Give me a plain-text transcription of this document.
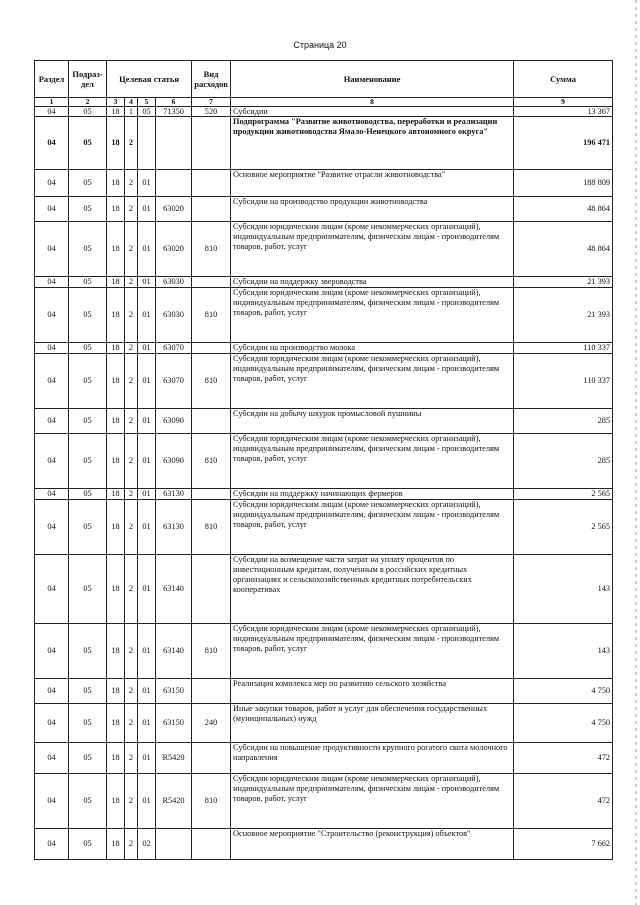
Страница 20
Раздел	Подраз-
дел	Целевая статья				Вид расходов	Наименование	Сумма
1	2	3	4	5	6	7	8	9
04	05	18	1	05	71350	520	Субсидии	13 367
04	05	18	2				Подпрограмма "Развитие животноводства, переработки и реализации продукции животноводства Ямало-Ненецкого автономного округа"	196 471
04	05	18	2	01			Основное мероприятие "Развитие отрасли животноводства"	188 809
04	05	18	2	01	63020		Субсидии на производство продукции животноводства	48 864
04	05	18	2	01	63020	810	Субсидии юридическим лицам (кроме некоммерческих организаций), индивидуальным предпринимателям, физическим лицам - производителям товаров, работ, услуг	48 864
04	05	18	2	01	63030		Субсидии на поддержку звероводства	21 393
04	05	18	2	01	63030	810	Субсидии юридическим лицам (кроме некоммерческих организаций), индивидуальным предпринимателям, физическим лицам - производителям товаров, работ, услуг	21 393
04	05	18	2	01	63070		Субсидии на производство молока	110 337
04	05	18	2	01	63070	810	Субсидии юридическим лицам (кроме некоммерческих организаций), индивидуальным предпринимателям, физическим лицам - производителям товаров, работ, услуг	110 337
04	05	18	2	01	63090		Субсидии на добычу шкурок промысловой пушнины	285
04	05	18	2	01	63090	810	Субсидии юридическим лицам (кроме некоммерческих организаций), индивидуальным предпринимателям, физическим лицам - производителям товаров, работ, услуг	285
04	05	18	2	01	63130		Субсидии на поддержку начинающих фермеров	2 565
04	05	18	2	01	63130	810	Субсидии юридическим лицам (кроме некоммерческих организаций), индивидуальным предпринимателям, физическим лицам - производителям товаров, работ, услуг	2 565
04	05	18	2	01	63140		Субсидии на возмещение части затрат на уплату процентов по инвестиционным кредитам, полученным в российских кредитных организациях и сельскохозяйственных кредитных потребительских кооперативах	143
04	05	18	2	01	63140	810	Субсидии юридическим лицам (кроме некоммерческих организаций), индивидуальным предпринимателям, физическим лицам - производителям товаров, работ, услуг	143
04	05	18	2	01	63150		Реализация комплекса мер по развитию сельского хозяйства	4 750
04	05	18	2	01	63150	240	Иные закупки товаров, работ и услуг для обеспечения государственных (муниципальных) нужд	4 750
04	05	18	2	01	R5420		Субсидии на повышение продуктивности крупного рогатого скота молочного направления	472
04	05	18	2	01	R5420	810	Субсидии юридическим лицам (кроме некоммерческих организаций), индивидуальным предпринимателям, физическим лицам - производителям товаров, работ, услуг	472
04	05	18	2	02			Основное мероприятие "Строительство (реконструкция) объектов"	7 662
